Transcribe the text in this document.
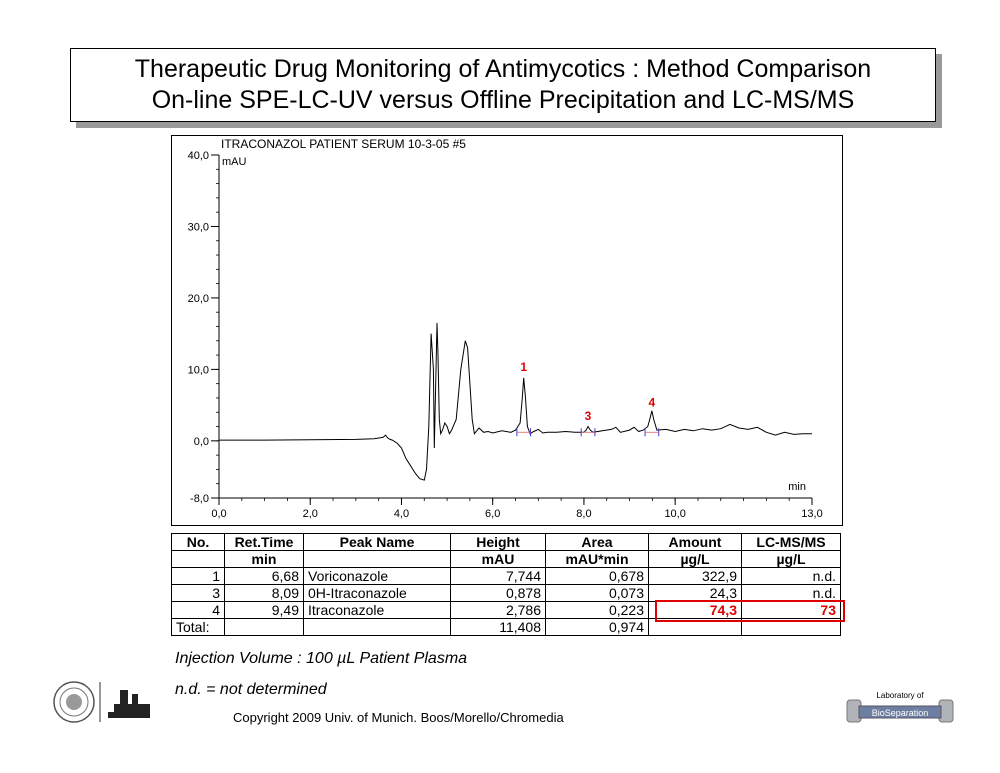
Therapeutic Drug Monitoring of Antimycotics : Method Comparison
On-line SPE-LC-UV versus Offline Precipitation and LC-MS/MS
-8,0
0,0
10,0
20,0
30,0
40,0
0,0	2,0	4,0	6,0	8,0	10,0	13,0
ITRACONAZOL PATIENT SERUM 10-3-05 #5
mAU
min
1
3
4
No.	Ret.Time	Peak Name	Height	Area	Amount	LC-MS/MS
	min		mAU	mAU*min	µg/L	µg/L
1	6,68	Voriconazole	7,744	0,678	322,9	n.d.
3	8,09	0H-Itraconazole	0,878	0,073	24,3	n.d.
4	9,49	Itraconazole	2,786	0,223	74,3	73
Total:			11,408	0,974		
Injection Volume : 100 µL Patient Plasma
n.d. = not determined
Copyright 2009 Univ. of Munich. Boos/Morello/Chromedia
Laboratory of
BioSeparation
